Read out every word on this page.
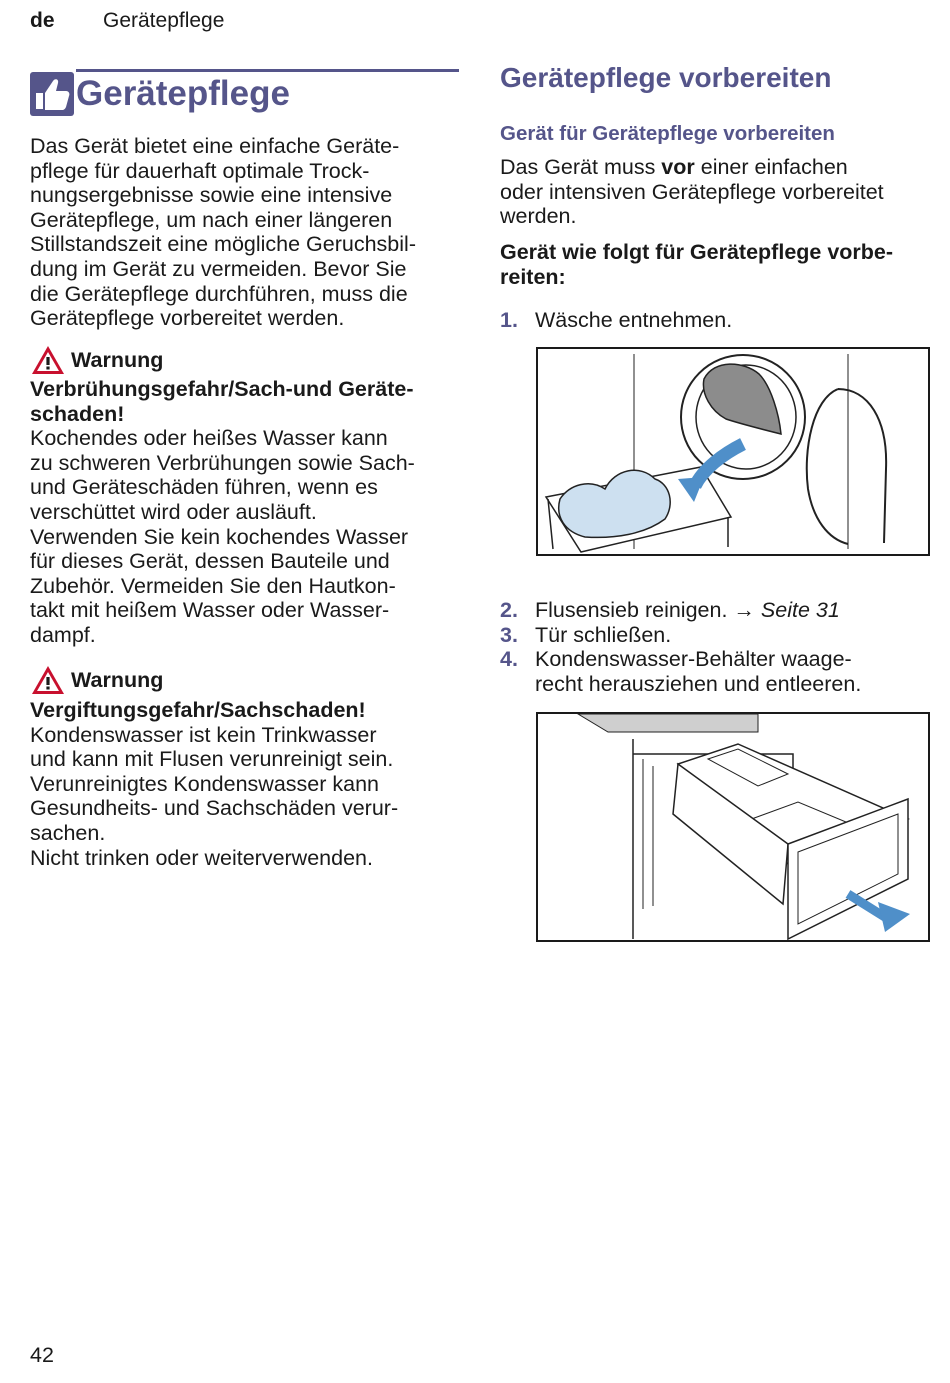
de Gerätepflege
Gerätepflege

Das Gerät bietet eine einfache Geräte-
pflege für dauerhaft optimale Trock-
nungsergebnisse sowie eine intensive
Gerätepflege, um nach einer längeren
Stillstandszeit eine mögliche Geruchsbil-
dung im Gerät zu vermeiden. Bevor Sie
die Gerätepflege durchführen, muss die
Gerätepflege vorbereitet werden.

Warnung

Verbrühungsgefahr/Sach-und Geräte-
schaden!

Kochendes oder heißes Wasser kann
zu schweren Verbrühungen sowie Sach-
und Geräteschäden führen, wenn es
verschüttet wird oder ausläuft.
Verwenden Sie kein kochendes Wasser
für dieses Gerät, dessen Bauteile und
Zubehör. Vermeiden Sie den Hautkon-
takt mit heißem Wasser oder Wasser-
dampf.

Warnung

Vergiftungsgefahr/Sachschaden!

Kondenswasser ist kein Trinkwasser
und kann mit Flusen verunreinigt sein.
Verunreinigtes Kondenswasser kann
Gesundheits- und Sachschäden verur-
sachen.
Nicht trinken oder weiterverwenden.

Gerätepflege vorbereiten
Gerät für Gerätepflege vorbereiten

Das Gerät muss vor einer einfachen
oder intensiven Gerätepflege vorbereitet
werden.

Gerät wie folgt für Gerätepflege vorbe-
reiten:

1. Wäsche entnehmen.
2. Flusensieb reinigen. → Seite 31
3. Tür schließen.
4. Kondenswasser-Behälter waage-
recht herausziehen und entleeren.
42
